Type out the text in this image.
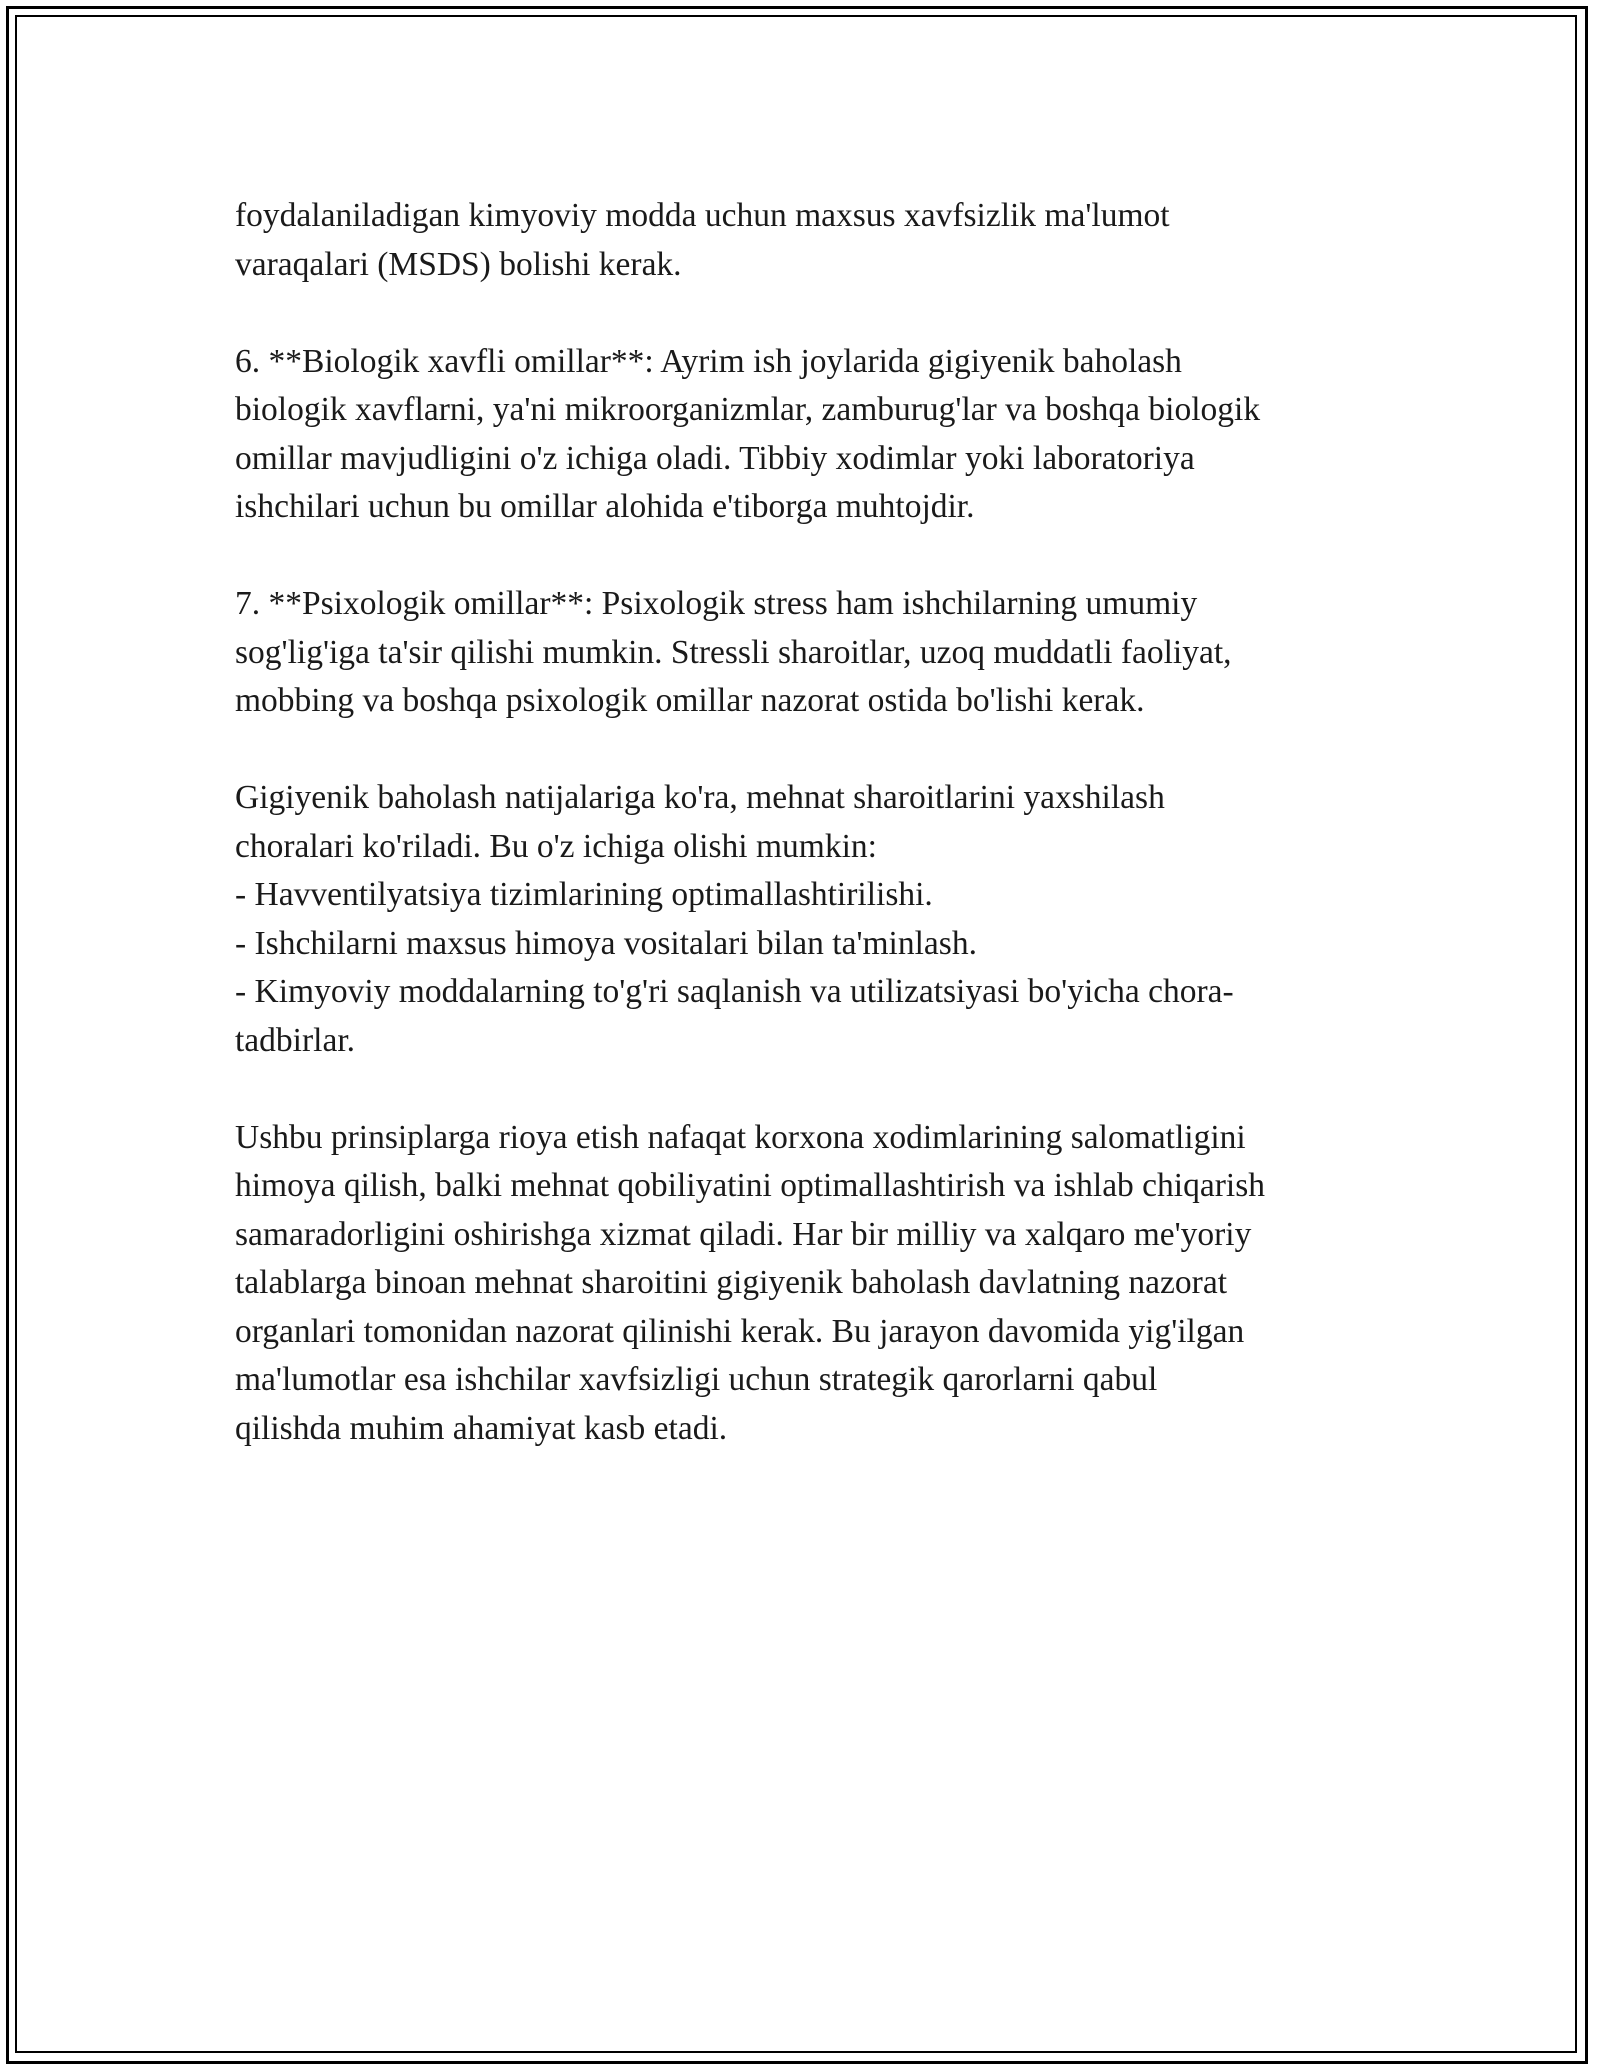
foydalaniladigan kimyoviy modda uchun maxsus xavfsizlik ma'lumot
varaqalari (MSDS) bolishi kerak.
6. **Biologik xavfli omillar**: Ayrim ish joylarida gigiyenik baholash
biologik xavflarni, ya'ni mikroorganizmlar, zamburug'lar va boshqa biologik
omillar mavjudligini o'z ichiga oladi. Tibbiy xodimlar yoki laboratoriya
ishchilari uchun bu omillar alohida e'tiborga muhtojdir.
7. **Psixologik omillar**: Psixologik stress ham ishchilarning umumiy
sog'lig'iga ta'sir qilishi mumkin. Stressli sharoitlar, uzoq muddatli faoliyat,
mobbing va boshqa psixologik omillar nazorat ostida bo'lishi kerak.
Gigiyenik baholash natijalariga ko'ra, mehnat sharoitlarini yaxshilash
choralari ko'riladi. Bu o'z ichiga olishi mumkin:
- Havventilyatsiya tizimlarining optimallashtirilishi.
- Ishchilarni maxsus himoya vositalari bilan ta'minlash.
- Kimyoviy moddalarning to'g'ri saqlanish va utilizatsiyasi bo'yicha chora-
tadbirlar.
Ushbu prinsiplarga rioya etish nafaqat korxona xodimlarining salomatligini
himoya qilish, balki mehnat qobiliyatini optimallashtirish va ishlab chiqarish
samaradorligini oshirishga xizmat qiladi. Har bir milliy va xalqaro me'yoriy
talablarga binoan mehnat sharoitini gigiyenik baholash davlatning nazorat
organlari tomonidan nazorat qilinishi kerak. Bu jarayon davomida yig'ilgan
ma'lumotlar esa ishchilar xavfsizligi uchun strategik qarorlarni qabul
qilishda muhim ahamiyat kasb etadi.
